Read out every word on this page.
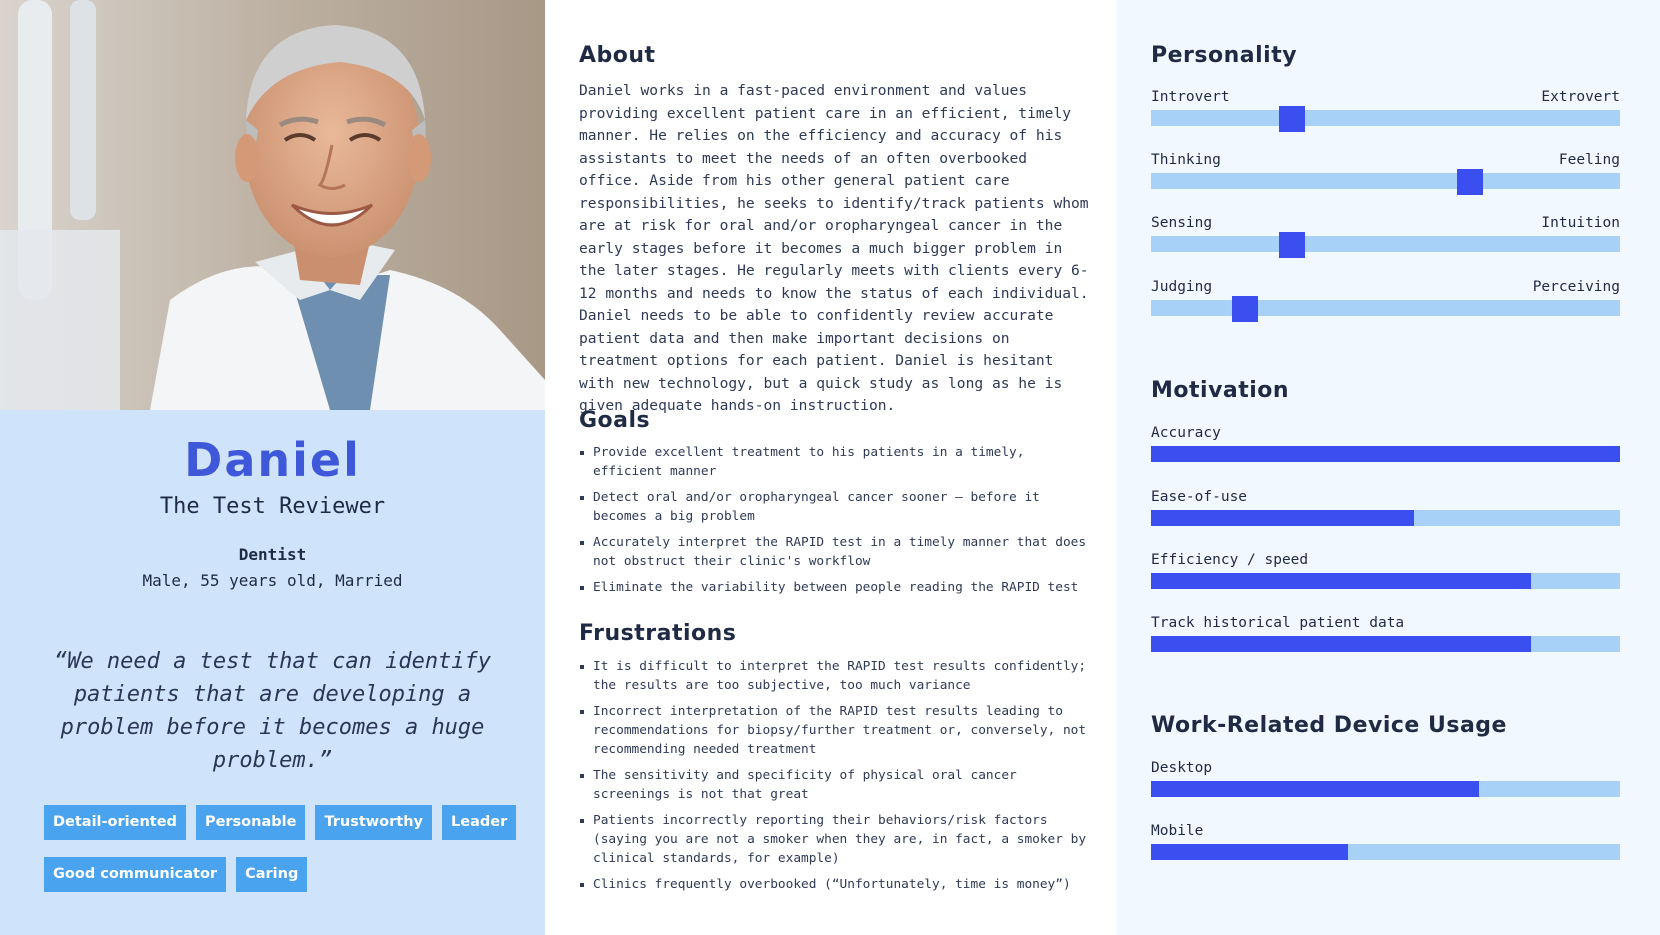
Daniel
The Test Reviewer
Dentist
Male, 55 years old, Married
“We need a test that can identify patients that are developing a problem before it becomes a huge problem.”
Detail-oriented	Personable	Trustworthy	Leader
Good communicator	Caring
About

Daniel works in a fast-paced environment and values providing excellent patient care in an efficient, timely manner. He relies on the efficiency and accuracy of his assistants to meet the needs of an often overbooked office. Aside from his other general patient care responsibilities, he seeks to identify/track patients whom are at risk for oral and/or oropharyngeal cancer in the early stages before it becomes a much bigger problem in the later stages. He regularly meets with clients every 6-12 months and needs to know the status of each individual. Daniel needs to be able to confidently review accurate patient data and then make important decisions on treatment options for each patient. Daniel is hesitant with new technology, but a quick study as long as he is given adequate hands-on instruction.

Goals
Provide excellent treatment to his patients in a timely, efficient manner
Detect oral and/or oropharyngeal cancer sooner — before it becomes a big problem
Accurately interpret the RAPID test in a timely manner that does not obstruct their clinic's workflow
Eliminate the variability between people reading the RAPID test
Frustrations
It is difficult to interpret the RAPID test results confidently; the results are too subjective, too much variance
Incorrect interpretation of the RAPID test results leading to recommendations for biopsy/further treatment or, conversely, not recommending needed treatment
The sensitivity and specificity of physical oral cancer screenings is not that great
Patients incorrectly reporting their behaviors/risk factors (saying you are not a smoker when they are, in fact, a smoker by clinical standards, for example)
Clinics frequently overbooked (“Unfortunately, time is money”)
Personality
Introvert	Extrovert
Thinking	Feeling
Sensing	Intuition
Judging	Perceiving
Motivation
Accuracy
Ease-of-use
Efficiency / speed
Track historical patient data
Work-Related Device Usage
Desktop
Mobile
